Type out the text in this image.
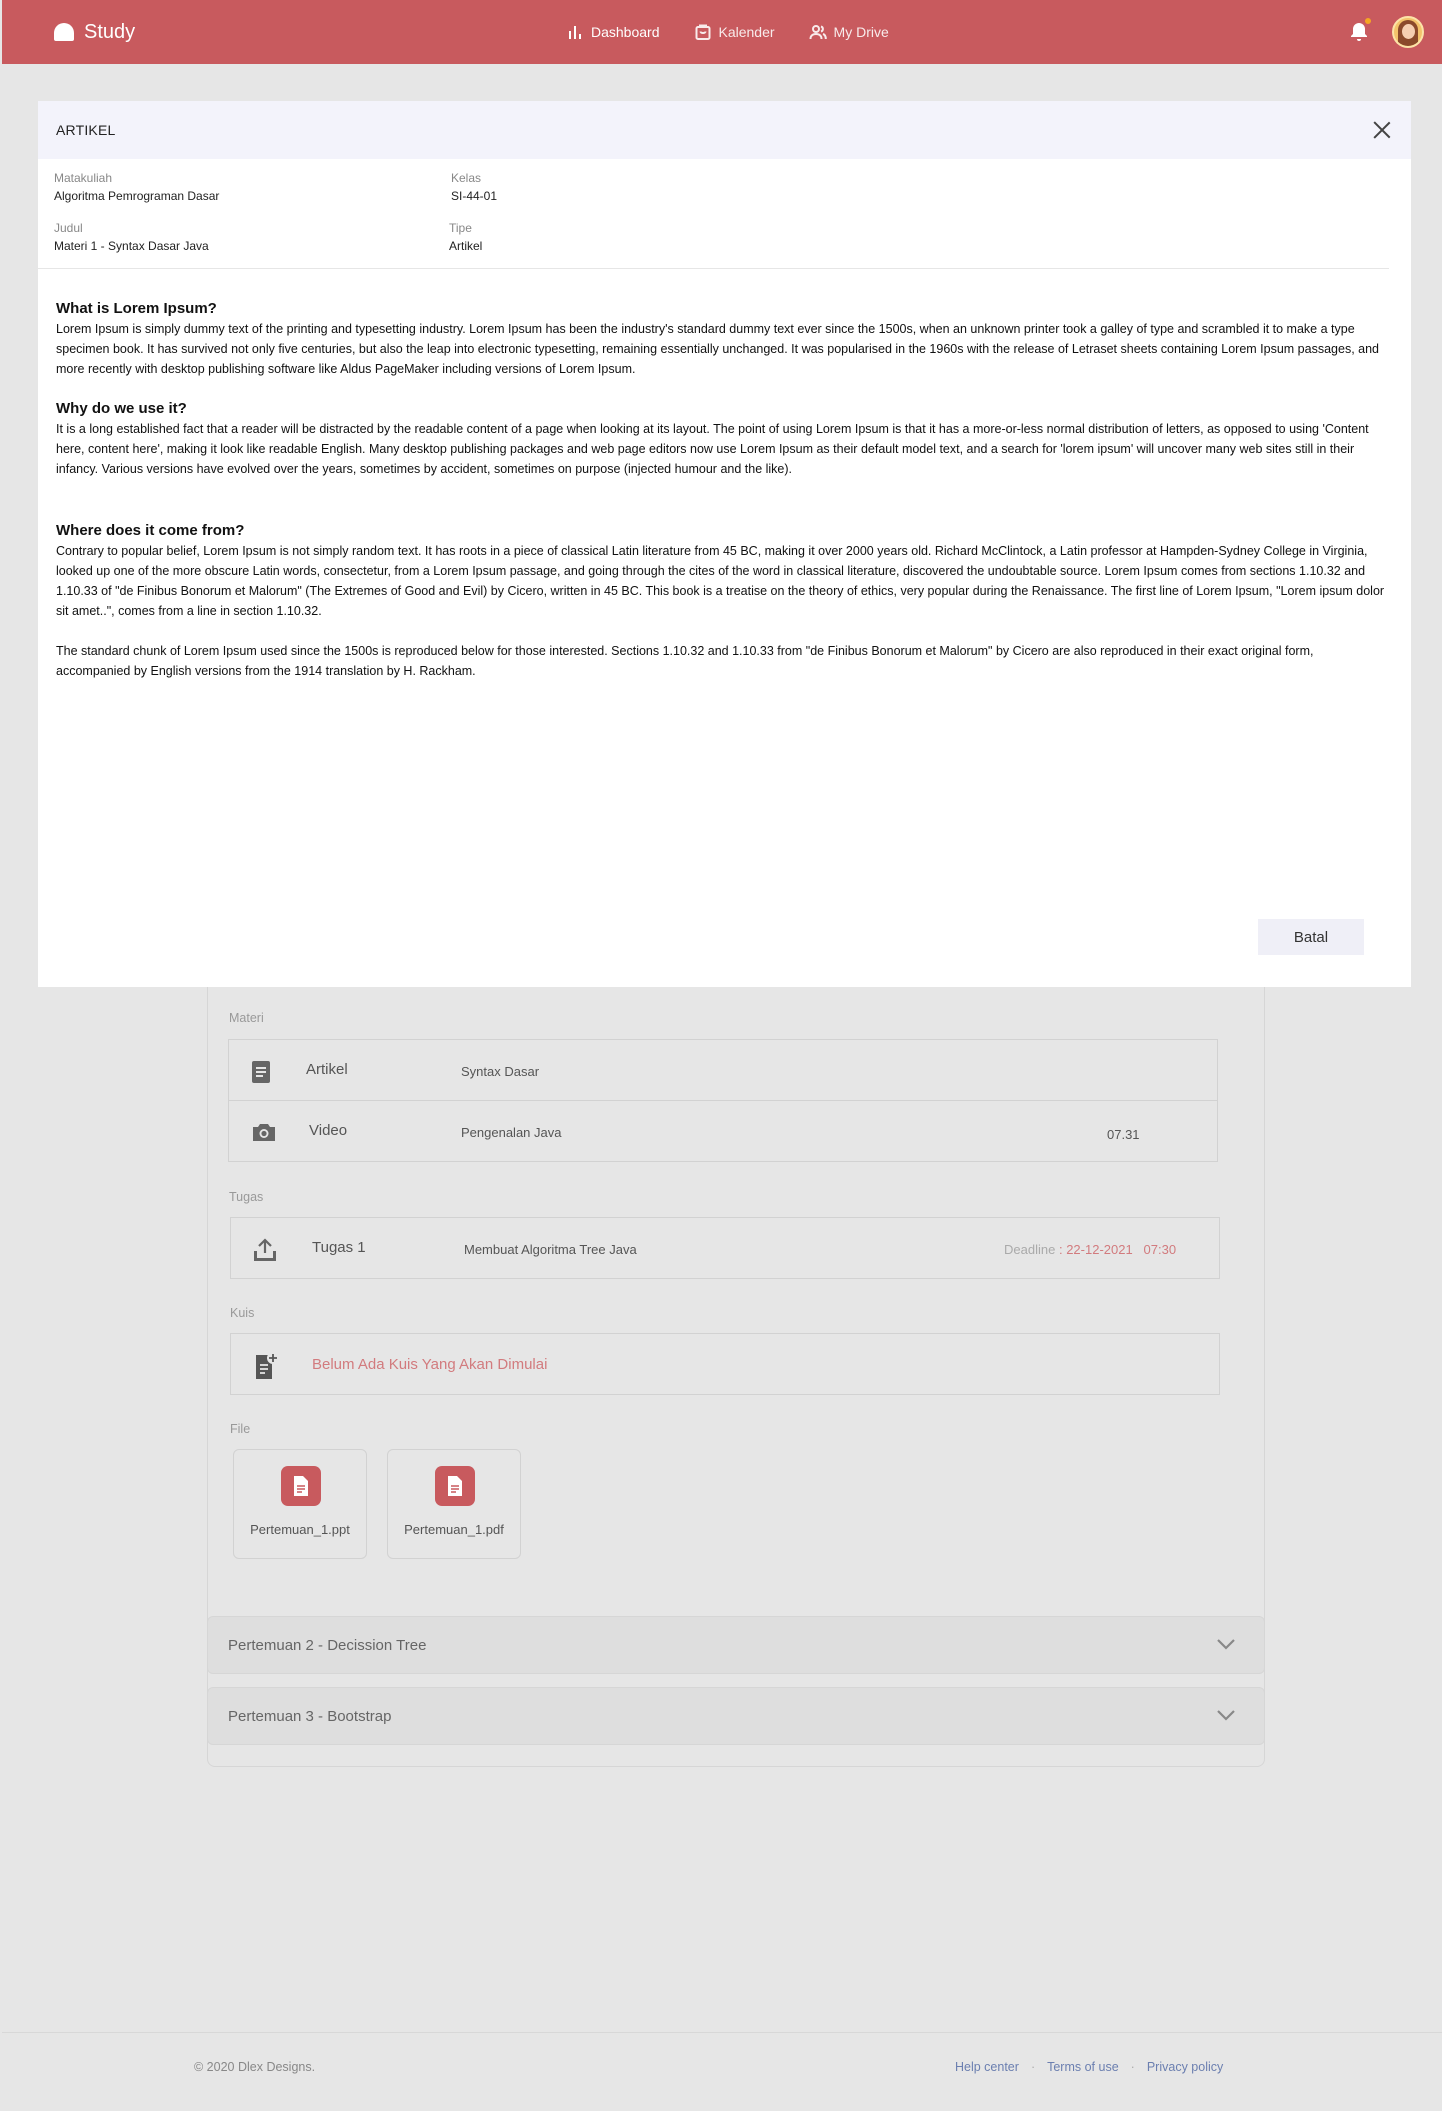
Study	Dashboard	Kalender	My Drive
Materi
Artikel	Syntax Dasar
Video	Pengenalan Java	07.31
Tugas
Tugas 1	Membuat Algoritma Tree Java	Deadline : 22-12-2021 07:30
Kuis
Belum Ada Kuis Yang Akan Dimulai
File
Pertemuan_1.ppt	Pertemuan_1.pdf
Pertemuan 2 - Decission Tree
Pertemuan 3 - Bootstrap
ARTIKEL
Matakuliah
Algoritma Pemrograman Dasar
Kelas
SI-44-01
Judul
Materi 1 - Syntax Dasar Java
Tipe
Artikel
What is Lorem Ipsum?

Lorem Ipsum is simply dummy text of the printing and typesetting industry. Lorem Ipsum has been the industry's standard dummy text ever since the 1500s, when an unknown printer took a galley of type and scrambled it to make a type specimen book. It has survived not only five centuries, but also the leap into electronic typesetting, remaining essentially unchanged. It was popularised in the 1960s with the release of Letraset sheets containing Lorem Ipsum passages, and more recently with desktop publishing software like Aldus PageMaker including versions of Lorem Ipsum.

Why do we use it?

It is a long established fact that a reader will be distracted by the readable content of a page when looking at its layout. The point of using Lorem Ipsum is that it has a more-or-less normal distribution of letters, as opposed to using 'Content here, content here', making it look like readable English. Many desktop publishing packages and web page editors now use Lorem Ipsum as their default model text, and a search for 'lorem ipsum' will uncover many web sites still in their infancy. Various versions have evolved over the years, sometimes by accident, sometimes on purpose (injected humour and the like).

Where does it come from?

Contrary to popular belief, Lorem Ipsum is not simply random text. It has roots in a piece of classical Latin literature from 45 BC, making it over 2000 years old. Richard McClintock, a Latin professor at Hampden-Sydney College in Virginia, looked up one of the more obscure Latin words, consectetur, from a Lorem Ipsum passage, and going through the cites of the word in classical literature, discovered the undoubtable source. Lorem Ipsum comes from sections 1.10.32 and 1.10.33 of "de Finibus Bonorum et Malorum" (The Extremes of Good and Evil) by Cicero, written in 45 BC. This book is a treatise on the theory of ethics, very popular during the Renaissance. The first line of Lorem Ipsum, "Lorem ipsum dolor sit amet..", comes from a line in section 1.10.32.

The standard chunk of Lorem Ipsum used since the 1500s is reproduced below for those interested. Sections 1.10.32 and 1.10.33 from "de Finibus Bonorum et Malorum" by Cicero are also reproduced in their exact original form, accompanied by English versions from the 1914 translation by H. Rackham.

Batal
© 2020 Dlex Designs.	Help center · Terms of use · Privacy policy
